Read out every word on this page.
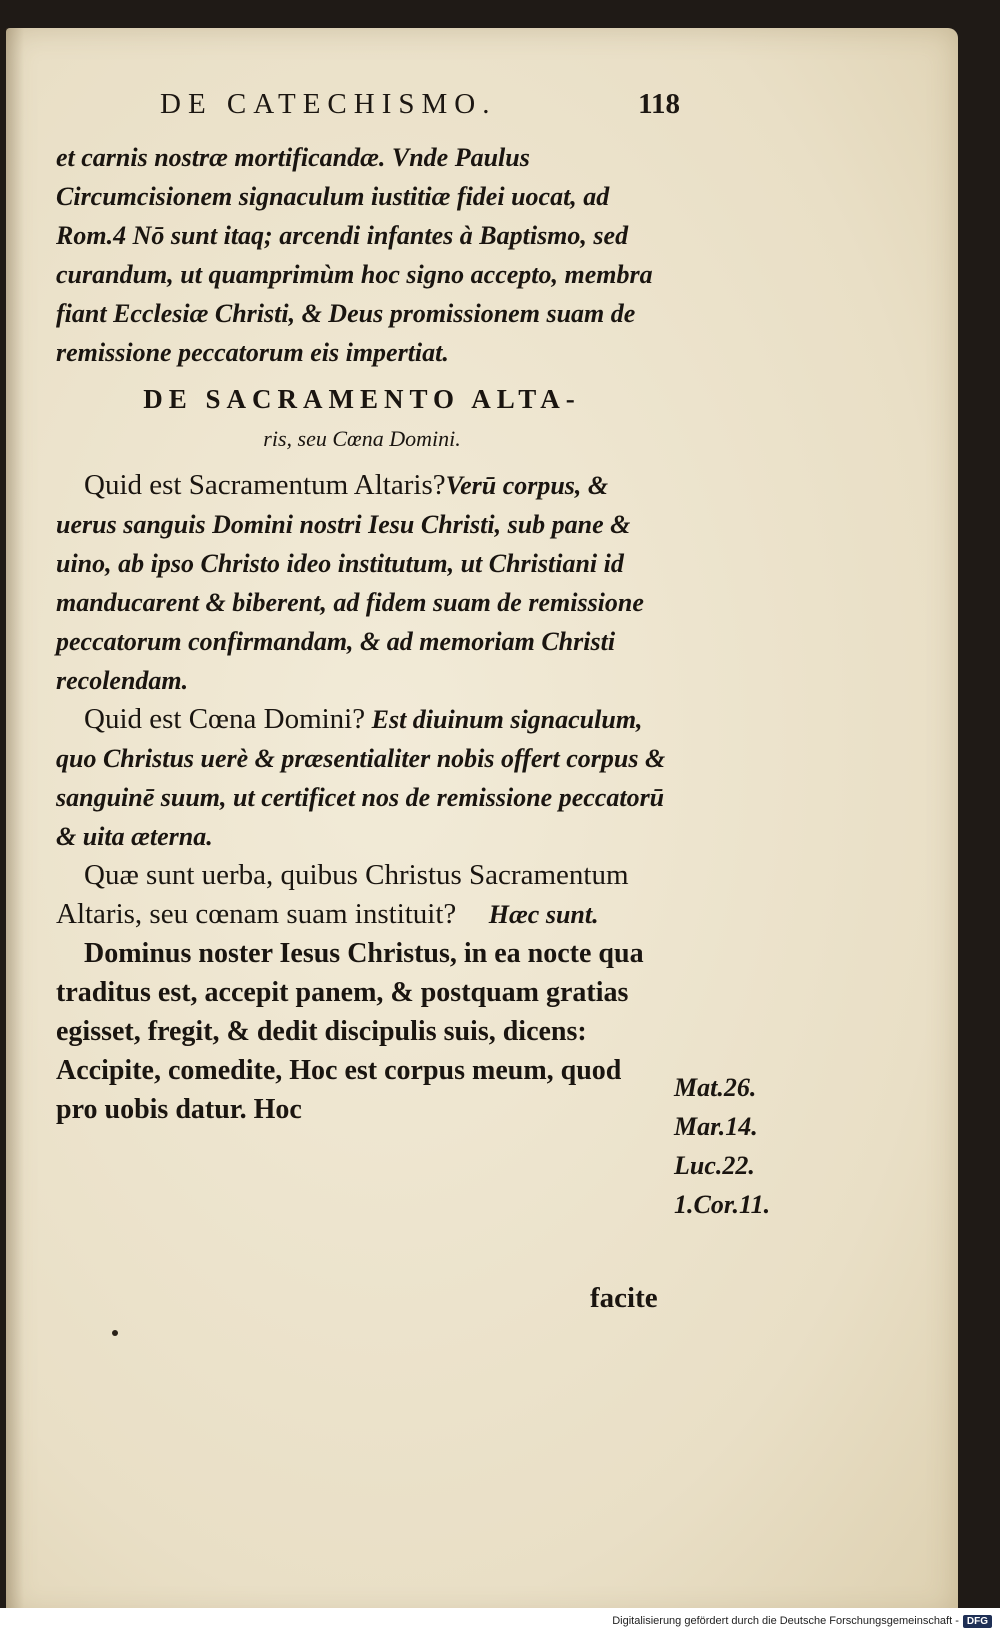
DE CATECHISMO.	118

et carnis nostræ mortificandæ. Vnde Paulus Circumcisionem signaculum iustitiæ fidei uocat, ad Rom.4 Nō sunt itaq; arcendi infantes à Baptismo, sed curandum, ut quamprimùm hoc signo accepto, membra fiant Ecclesiæ Christi, & Deus promissionem suam de remissione peccatorum eis impertiat.

DE SACRAMENTO ALTA-

ris, seu Cœna Domini.

Quid est Sacramentum Altaris?Verū corpus, & uerus sanguis Domini nostri Iesu Christi, sub pane & uino, ab ipso Christo ideo institutum, ut Christiani id manducarent & biberent, ad fidem suam de remissione peccatorum confirmandam, & ad memoriam Christi recolendam.

Quid est Cœna Domini? Est diuinum signaculum, quo Christus uerè & præsentialiter nobis offert corpus & sanguinē suum, ut certificet nos de remissione peccatorū & uita æterna.

Quæ sunt uerba, quibus Christus Sacramentum Altaris, seu cœnam suam instituit? Hæc sunt.

Dominus noster Iesus Christus, in ea nocte qua traditus est, accepit panem, & postquam gratias egisset, fregit, & dedit discipulis suis, dicens: Accipite, comedite, Hoc est corpus meum, quod pro uobis datur. Hoc

Mat.26.
Mar.14.
Luc.22.
1.Cor.11.
facite
Digitalisierung gefördert durch die Deutsche Forschungsgemeinschaft - DFG
